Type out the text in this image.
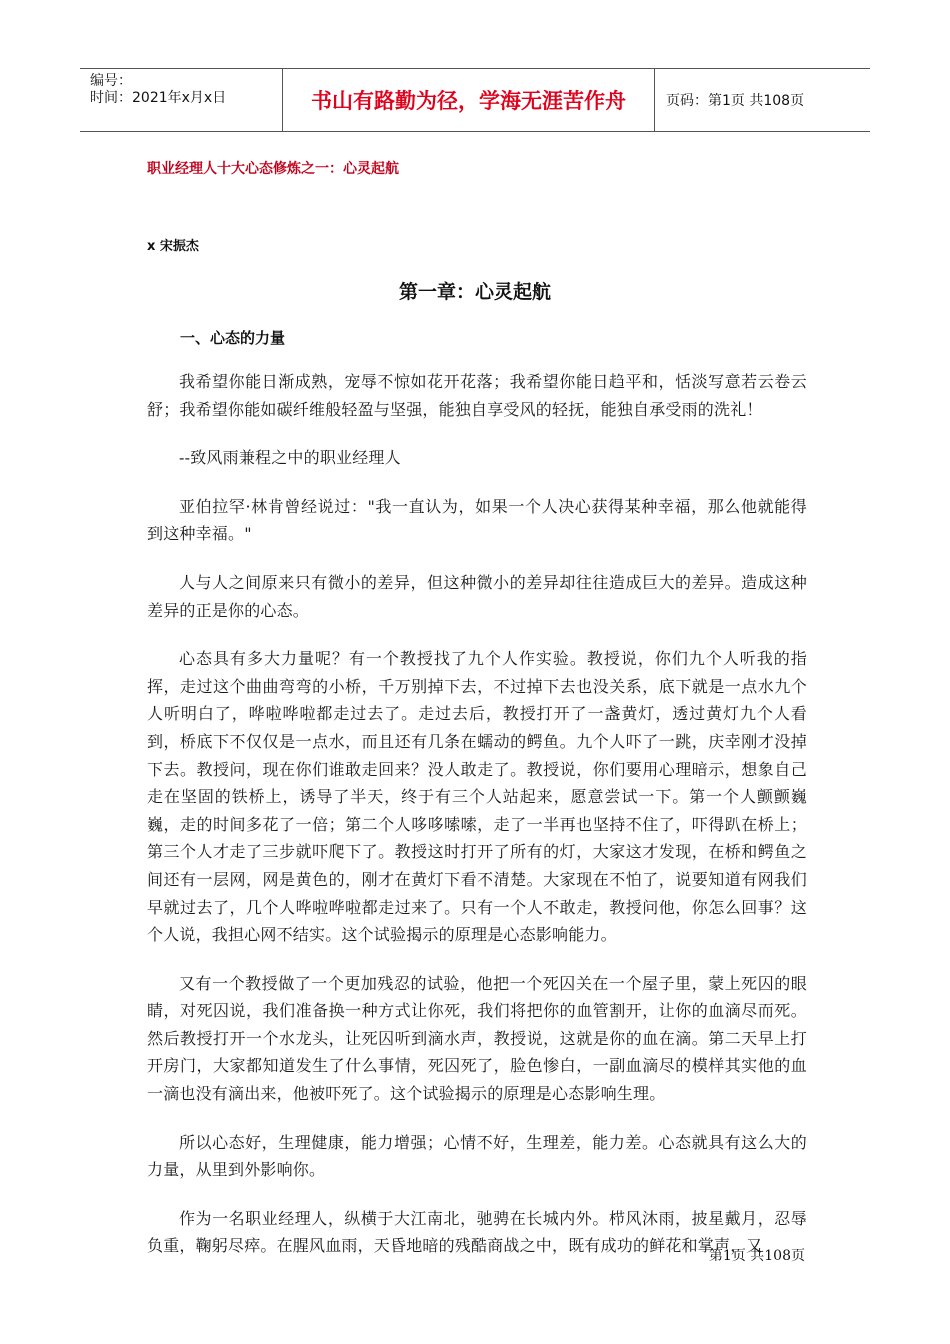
编号：
时间：2021年x月x日	书山有路勤为径，学海无涯苦作舟	页码：第1页 共108页
职业经理人十大心态修炼之一：心灵起航
x 宋振杰
第一章：心灵起航
一、心态的力量

我希望你能日渐成熟，宠辱不惊如花开花落；我希望你能日趋平和，恬淡写意若云卷云舒；我希望你能如碳纤维般轻盈与坚强，能独自享受风的轻抚，能独自承受雨的洗礼！

--致风雨兼程之中的职业经理人

亚伯拉罕·林肯曾经说过："我一直认为，如果一个人决心获得某种幸福，那么他就能得到这种幸福。"

人与人之间原来只有微小的差异，但这种微小的差异却往往造成巨大的差异。造成这种差异的正是你的心态。

心态具有多大力量呢？有一个教授找了九个人作实验。教授说，你们九个人听我的指挥，走过这个曲曲弯弯的小桥，千万别掉下去，不过掉下去也没关系，底下就是一点水九个人听明白了，哗啦哗啦都走过去了。走过去后，教授打开了一盏黄灯，透过黄灯九个人看到，桥底下不仅仅是一点水，而且还有几条在蠕动的鳄鱼。九个人吓了一跳，庆幸刚才没掉下去。教授问，现在你们谁敢走回来？没人敢走了。教授说，你们要用心理暗示，想象自己走在坚固的铁桥上，诱导了半天，终于有三个人站起来，愿意尝试一下。第一个人颤颤巍巍，走的时间多花了一倍；第二个人哆哆嗦嗦，走了一半再也坚持不住了，吓得趴在桥上；第三个人才走了三步就吓爬下了。教授这时打开了所有的灯，大家这才发现，在桥和鳄鱼之间还有一层网，网是黄色的，刚才在黄灯下看不清楚。大家现在不怕了，说要知道有网我们早就过去了，几个人哗啦哗啦都走过来了。只有一个人不敢走，教授问他，你怎么回事？这个人说，我担心网不结实。这个试验揭示的原理是心态影响能力。

又有一个教授做了一个更加残忍的试验，他把一个死囚关在一个屋子里，蒙上死囚的眼睛，对死囚说，我们准备换一种方式让你死，我们将把你的血管割开，让你的血滴尽而死。然后教授打开一个水龙头，让死囚听到滴水声，教授说，这就是你的血在滴。第二天早上打开房门，大家都知道发生了什么事情，死囚死了，脸色惨白，一副血滴尽的模样其实他的血一滴也没有滴出来，他被吓死了。这个试验揭示的原理是心态影响生理。

所以心态好，生理健康，能力增强；心情不好，生理差，能力差。心态就具有这么大的力量，从里到外影响你。

作为一名职业经理人，纵横于大江南北，驰骋在长城内外。栉风沐雨，披星戴月，忍辱负重，鞠躬尽瘁。在腥风血雨，天昏地暗的残酷商战之中，既有成功的鲜花和掌声，又

第1页 共108页
